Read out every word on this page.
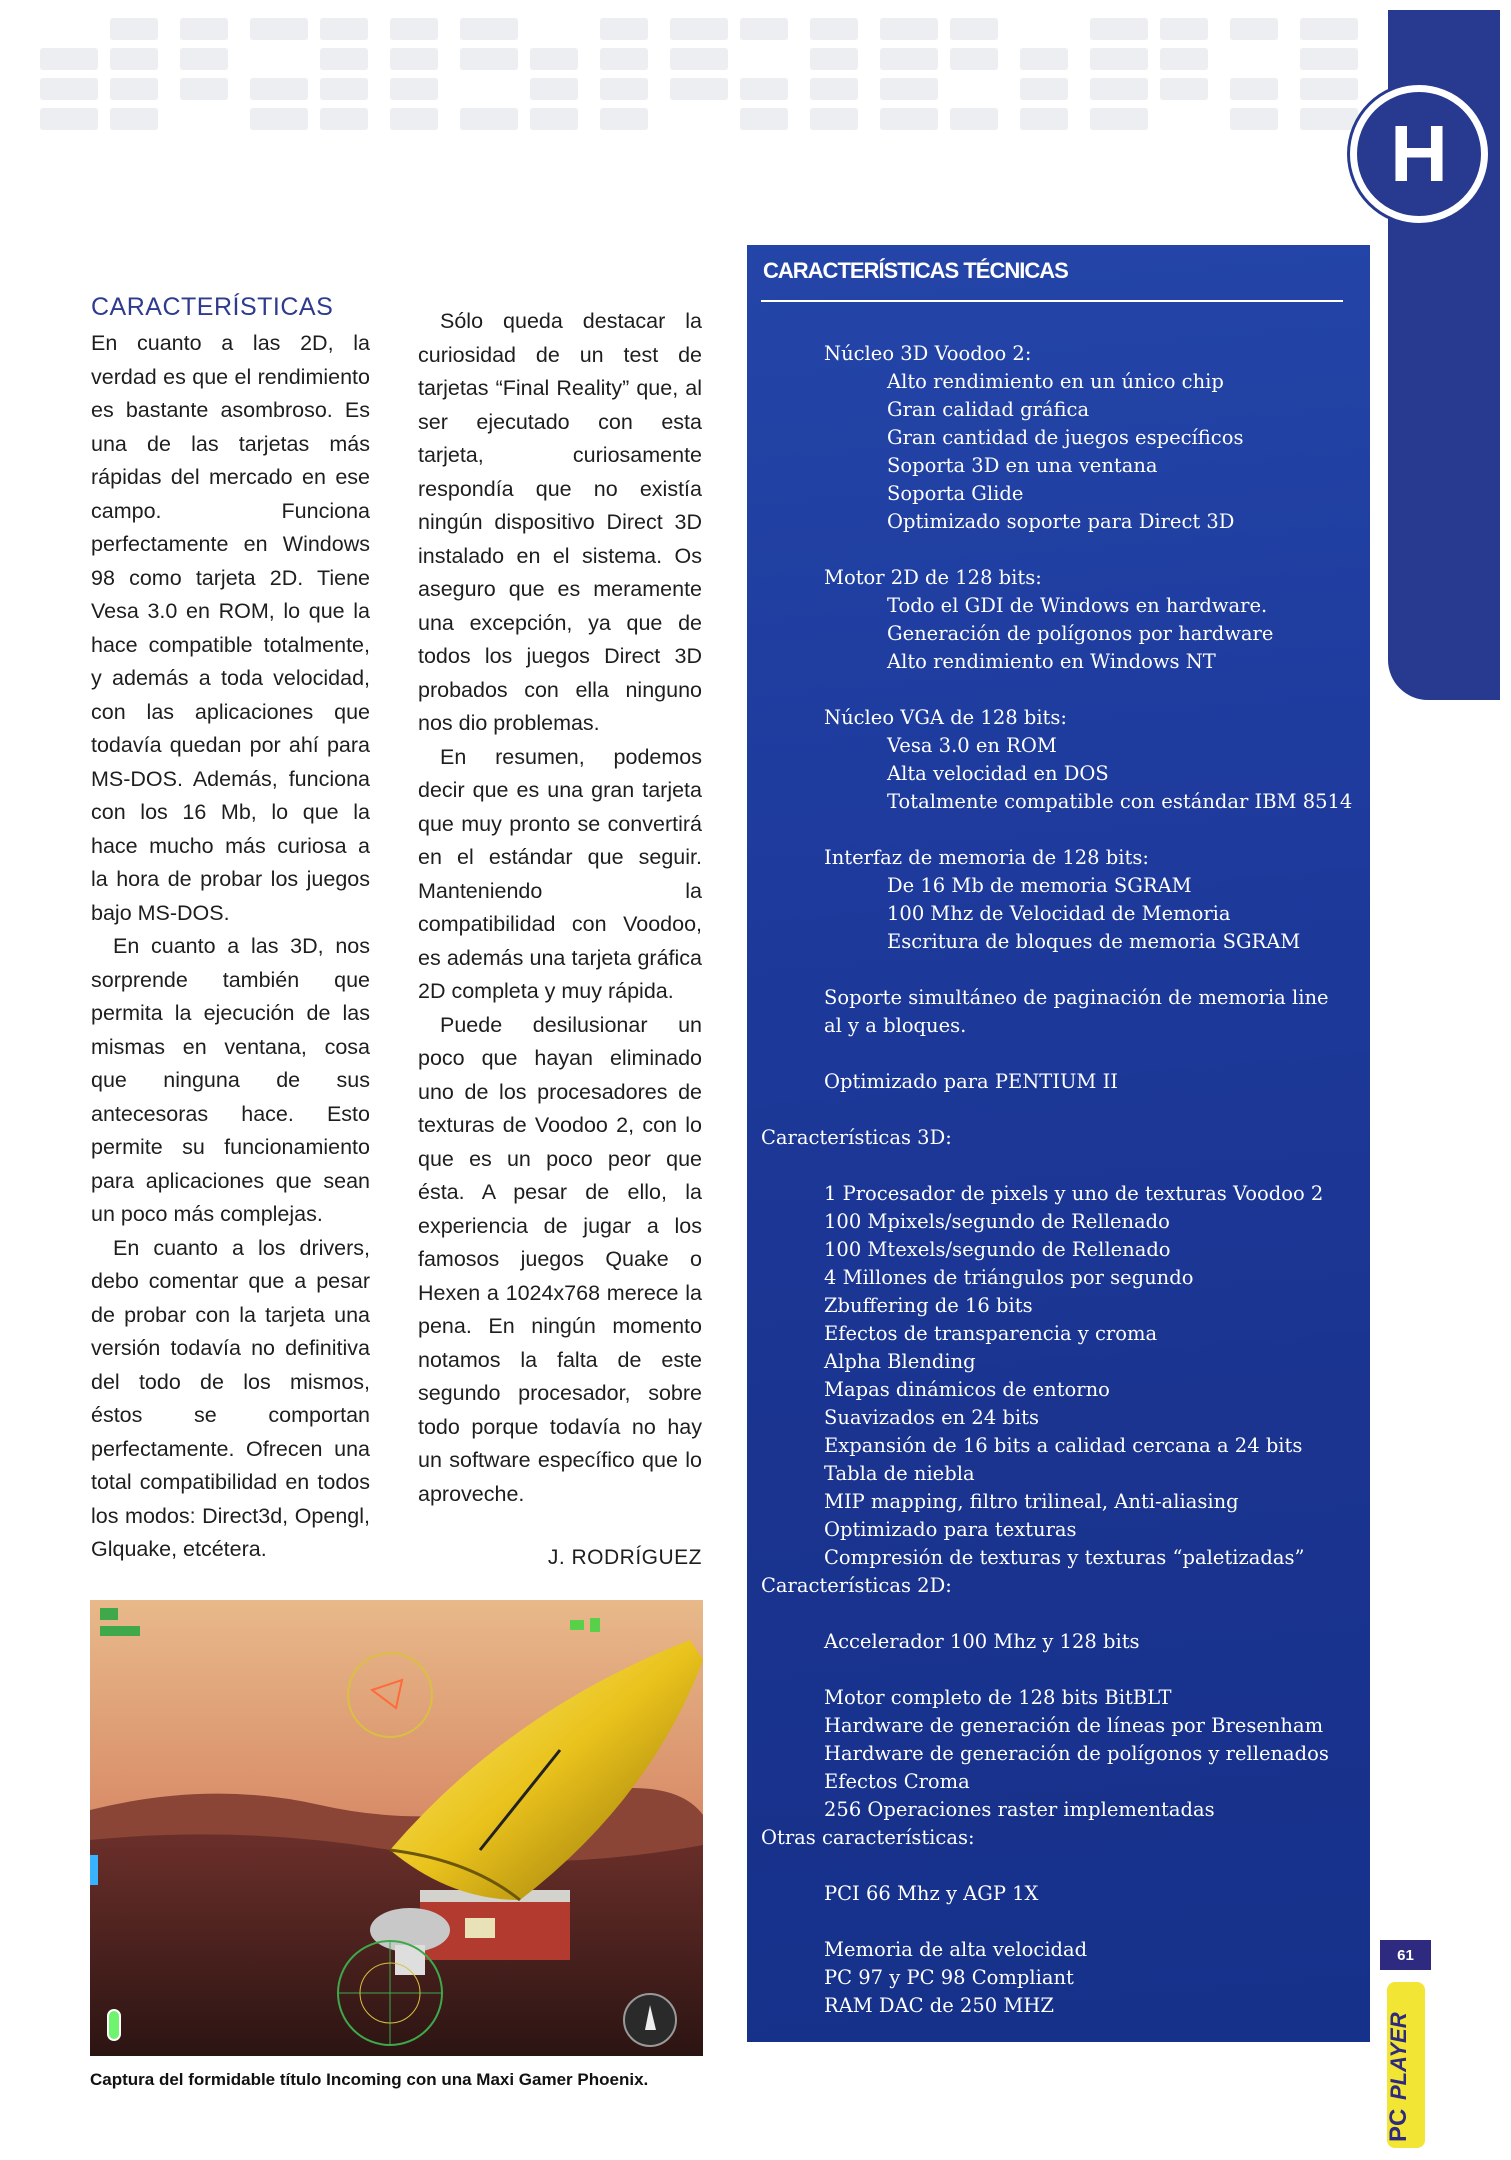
H
CARACTERÍSTICAS

En cuanto a las 2D, la verdad es que el rendimiento es bastante asombroso. Es una de las tarjetas más rápidas del mercado en ese campo. Funciona perfectamente en Windows 98 como tarjeta 2D. Tiene Vesa 3.0 en ROM, lo que la hace compatible totalmente, y además a toda velocidad, con las aplicaciones que todavía quedan por ahí para MS-DOS. Además, funciona con los 16 Mb, lo que la hace mucho más curiosa a la hora de probar los juegos bajo MS-DOS.

En cuanto a las 3D, nos sorprende también que permita la ejecución de las mismas en ventana, cosa que ninguna de sus antecesoras hace. Esto permite su funcionamiento para aplicaciones que sean un poco más complejas.

En cuanto a los drivers, debo comentar que a pesar de probar con la tarjeta una versión todavía no definitiva del todo de los mismos, éstos se comportan perfectamente. Ofrecen una total compatibilidad en todos los modos: Direct3d, Opengl, Glquake, etcétera.

Sólo queda destacar la curiosidad de un test de tarjetas “Final Reality” que, al ser ejecutado con esta tarjeta, curiosamente respondía que no existía ningún dispositivo Direct 3D instalado en el sistema. Os aseguro que es meramente una excepción, ya que de todos los juegos Direct 3D probados con ella ninguno nos dio problemas.

En resumen, podemos decir que es una gran tarjeta que muy pronto se convertirá en el estándar que seguir. Manteniendo la compatibilidad con Voodoo, es además una tarjeta gráfica 2D completa y muy rápida.

Puede desilusionar un poco que hayan eliminado uno de los procesadores de texturas de Voodoo 2, con lo que es un poco peor que ésta. A pesar de ello, la experiencia de jugar a los famosos juegos Quake o Hexen a 1024x768 merece la pena. En ningún momento notamos la falta de este segundo procesador, sobre todo porque todavía no hay un software específico que lo aproveche.

J. RODRÍGUEZ

Captura del formidable título Incoming con una Maxi Gamer Phoenix.
CARACTERÍSTICAS TÉCNICAS
Núcleo 3D Voodoo 2:
Alto rendimiento en un único chip
Gran calidad gráfica
Gran cantidad de juegos específicos
Soporta 3D en una ventana
Soporta Glide
Optimizado soporte para Direct 3D
Motor 2D de 128 bits:
Todo el GDI de Windows en hardware.
Generación de polígonos por hardware
Alto rendimiento en Windows NT
Núcleo VGA de 128 bits:
Vesa 3.0 en ROM
Alta velocidad en DOS
Totalmente compatible con estándar IBM 8514
Interfaz de memoria de 128 bits:
De 16 Mb de memoria SGRAM
100 Mhz de Velocidad de Memoria
Escritura de bloques de memoria SGRAM
Soporte simultáneo de paginación de memoria line
al y a bloques.
Optimizado para PENTIUM II
Características 3D:
1 Procesador de pixels y uno de texturas Voodoo 2
100 Mpixels/segundo de Rellenado
100 Mtexels/segundo de Rellenado
4 Millones de triángulos por segundo
Zbuffering de 16 bits
Efectos de transparencia y croma
Alpha Blending
Mapas dinámicos de entorno
Suavizados en 24 bits
Expansión de 16 bits a calidad cercana a 24 bits
Tabla de niebla
MIP mapping, filtro trilineal, Anti-aliasing
Optimizado para texturas
Compresión de texturas y texturas “paletizadas”
Características 2D:
Accelerador 100 Mhz y 128 bits
Motor completo de 128 bits BitBLT
Hardware de generación de líneas por Bresenham
Hardware de generación de polígonos y rellenados
Efectos Croma
256 Operaciones raster implementadas
Otras características:
PCI 66 Mhz y AGP 1X
Memoria de alta velocidad
PC 97 y PC 98 Compliant
RAM DAC de 250 MHZ
61
PC
PLAYER
